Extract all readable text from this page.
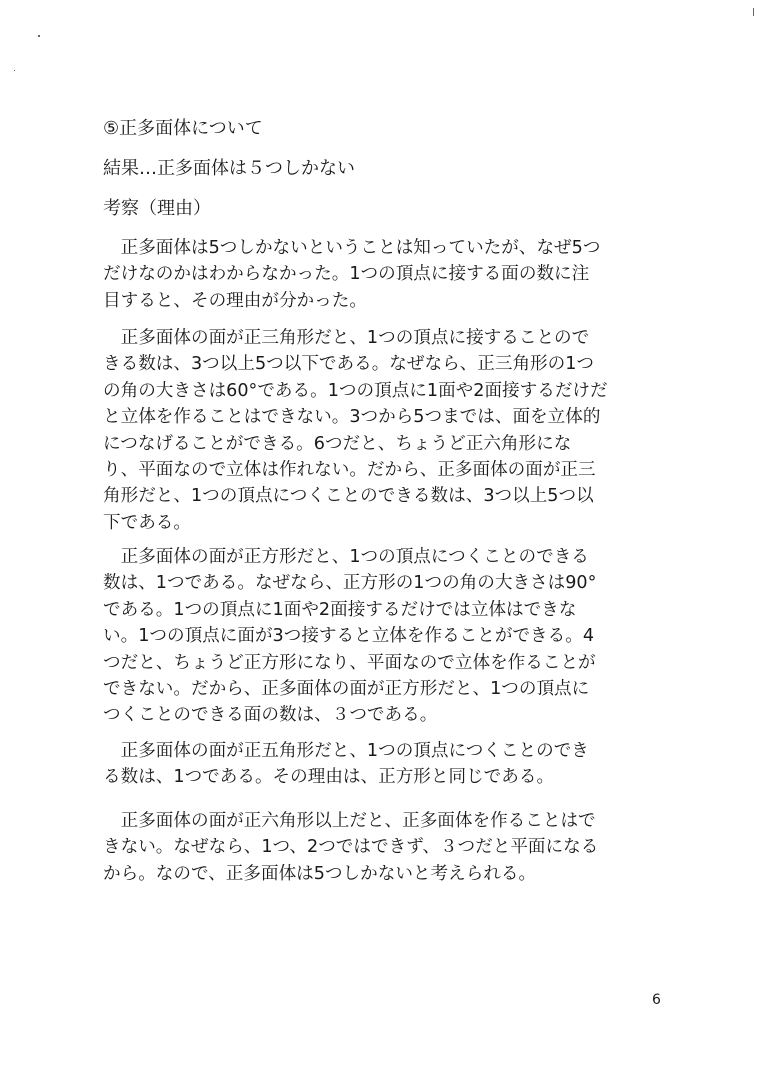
⑤正多面体について
結果…正多面体は５つしかない
考察（理由）
　正多面体は5つしかないということは知っていたが、なぜ5つ
だけなのかはわからなかった。1つの頂点に接する面の数に注
目すると、その理由が分かった。
　正多面体の面が正三角形だと、1つの頂点に接することので
きる数は、3つ以上5つ以下である。なぜなら、正三角形の1つ
の角の大きさは60°である。1つの頂点に1面や2面接するだけだ
と立体を作ることはできない。3つから5つまでは、面を立体的
につなげることができる。6つだと、ちょうど正六角形にな
り、平面なので立体は作れない。だから、正多面体の面が正三
角形だと、1つの頂点につくことのできる数は、3つ以上5つ以
下である。
　正多面体の面が正方形だと、1つの頂点につくことのできる
数は、1つである。なぜなら、正方形の1つの角の大きさは90°
である。1つの頂点に1面や2面接するだけでは立体はできな
い。1つの頂点に面が3つ接すると立体を作ることができる。4
つだと、ちょうど正方形になり、平面なので立体を作ることが
できない。だから、正多面体の面が正方形だと、1つの頂点に
つくことのできる面の数は、３つである。
　正多面体の面が正五角形だと、1つの頂点につくことのでき
る数は、1つである。その理由は、正方形と同じである。
　正多面体の面が正六角形以上だと、正多面体を作ることはで
きない。なぜなら、1つ、2つではできず、３つだと平面になる
から。なので、正多面体は5つしかないと考えられる。
6
